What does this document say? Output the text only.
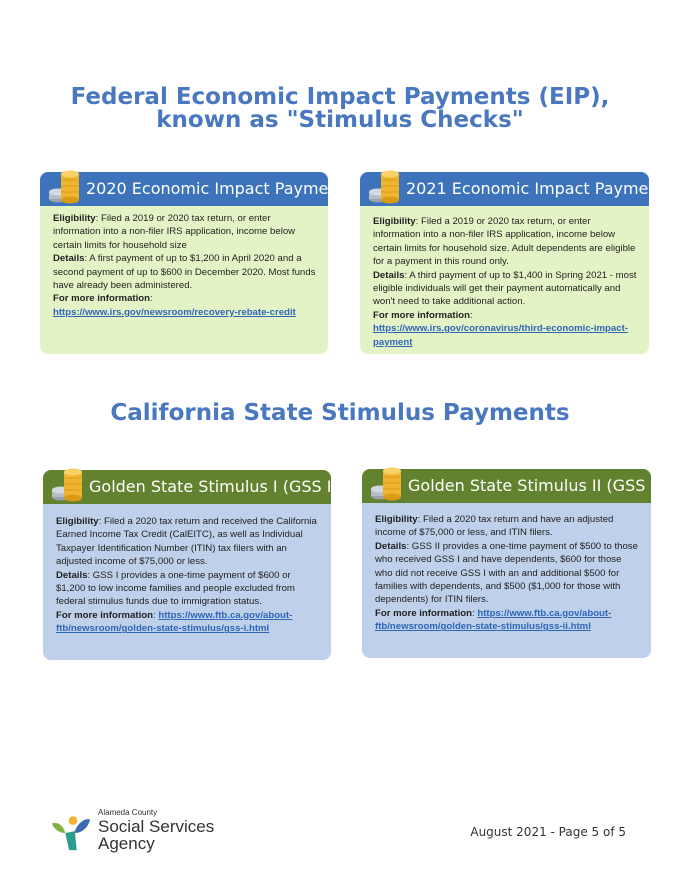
Federal Economic Impact Payments (EIP),
known as "Stimulus Checks"
2020 Economic Impact Payments

Eligibility: Filed a 2019 or 2020 tax return, or enter information into a non-filer IRS application, income below certain limits for household size

Details: A first payment of up to $1,200 in April 2020 and a second payment of up to $600 in December 2020. Most funds have already been administered.

For more information:

https://www.irs.gov/newsroom/recovery-rebate-credit

2021 Economic Impact Payments

Eligibility: Filed a 2019 or 2020 tax return, or enter information into a non-filer IRS application, income below certain limits for household size. Adult dependents are eligible for a payment in this round only.

Details: A third payment of up to $1,400 in Spring 2021 - most eligible individuals will get their payment automatically and won't need to take additional action.

For more information:

https://www.irs.gov/coronavirus/third-economic-impact-payment

California State Stimulus Payments
Golden State Stimulus I (GSS I)

Eligibility: Filed a 2020 tax return and received the California Earned Income Tax Credit (CalEITC), as well as Individual Taxpayer Identification Number (ITIN) tax filers with an adjusted income of $75,000 or less.

Details: GSS I provides a one-time payment of $600 or $1,200 to low income families and people excluded from federal stimulus funds due to immigration status.

For more information: https://www.ftb.ca.gov/about-ftb/newsroom/golden-state-stimulus/gss-i.html

Golden State Stimulus II (GSS II)

Eligibility: Filed a 2020 tax return and have an adjusted income of $75,000 or less, and ITIN filers.

Details: GSS II provides a one-time payment of $500 to those who received GSS I and have dependents, $600 for those who did not receive GSS I with an and additional $500 for families with dependents, and $500 ($1,000 for those with dependents) for ITIN filers.

For more information: https://www.ftb.ca.gov/about-ftb/newsroom/golden-state-stimulus/gss-ii.html

Alameda County
Social Services
Agency
August 2021 - Page 5 of 5
